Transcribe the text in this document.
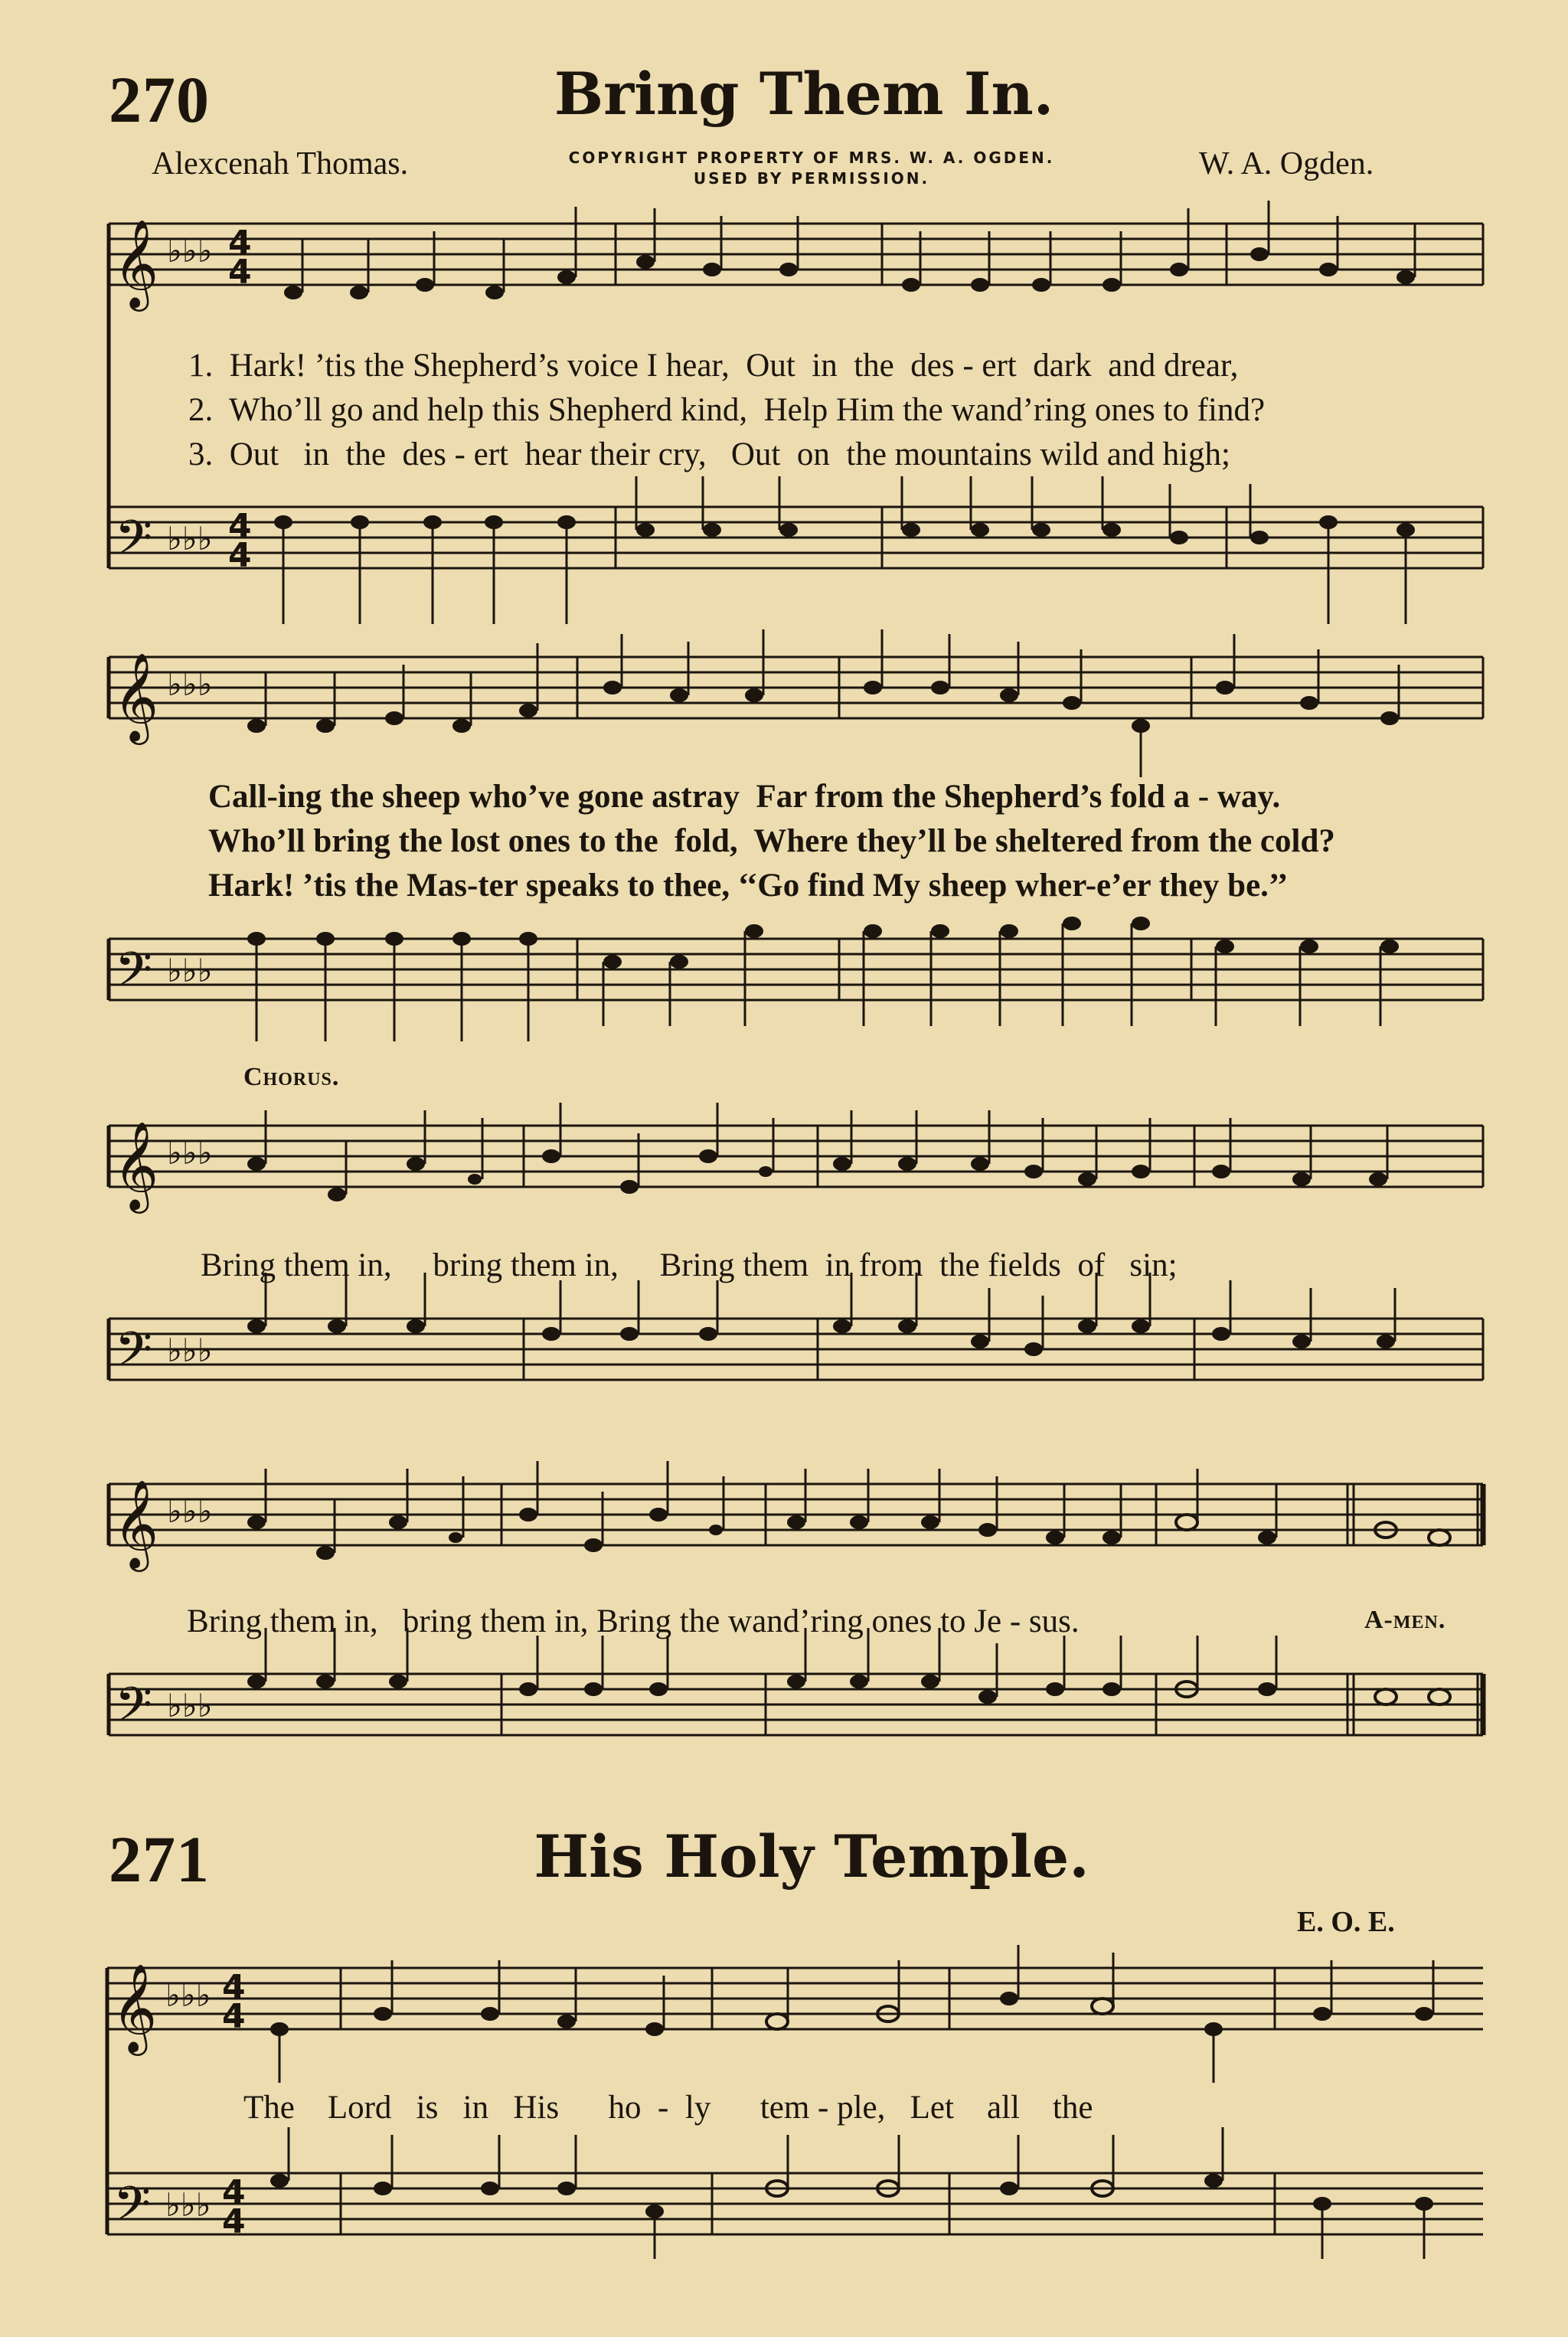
270	Bring Them In.
Alexcenah Thomas.	COPYRIGHT PROPERTY OF MRS. W. A. OGDEN.
USED BY PERMISSION.	W. A. Ogden.
𝄞
𝄢
♭♭♭
♭♭♭
4
4
4
4
1.  Hark! ’tis the Shepherd’s voice I hear,  Out  in  the  des - ert  dark  and drear,
2.  Who’ll go and help this Shepherd kind,  Help Him the wand’ring ones to find?
3.  Out   in  the  des - ert  hear their cry,   Out  on  the mountains wild and high;
𝄞
𝄢
♭♭♭
♭♭♭
Call-ing the sheep who’ve gone astray  Far from the Shepherd’s fold a - way.
Who’ll bring the lost ones to the  fold,  Where they’ll be sheltered from the cold?
Hark! ’tis the Mas-ter speaks to thee, ‘‘Go find My sheep wher-e’er they be.’’
Chorus.
𝄞
𝄢
♭♭♭
♭♭♭
Bring them in,     bring them in,     Bring them  in from  the fields  of   sin;
𝄞
𝄢
♭♭♭
♭♭♭
Bring them in,   bring them in, Bring the wand’ring ones to Je - sus.	A-men.
271	His Holy Temple.
E. O. E.
𝄞
𝄢
♭♭♭
♭♭♭
4
4
4
4
The    Lord   is   in   His      ho  -  ly      tem - ple,   Let    all    the
